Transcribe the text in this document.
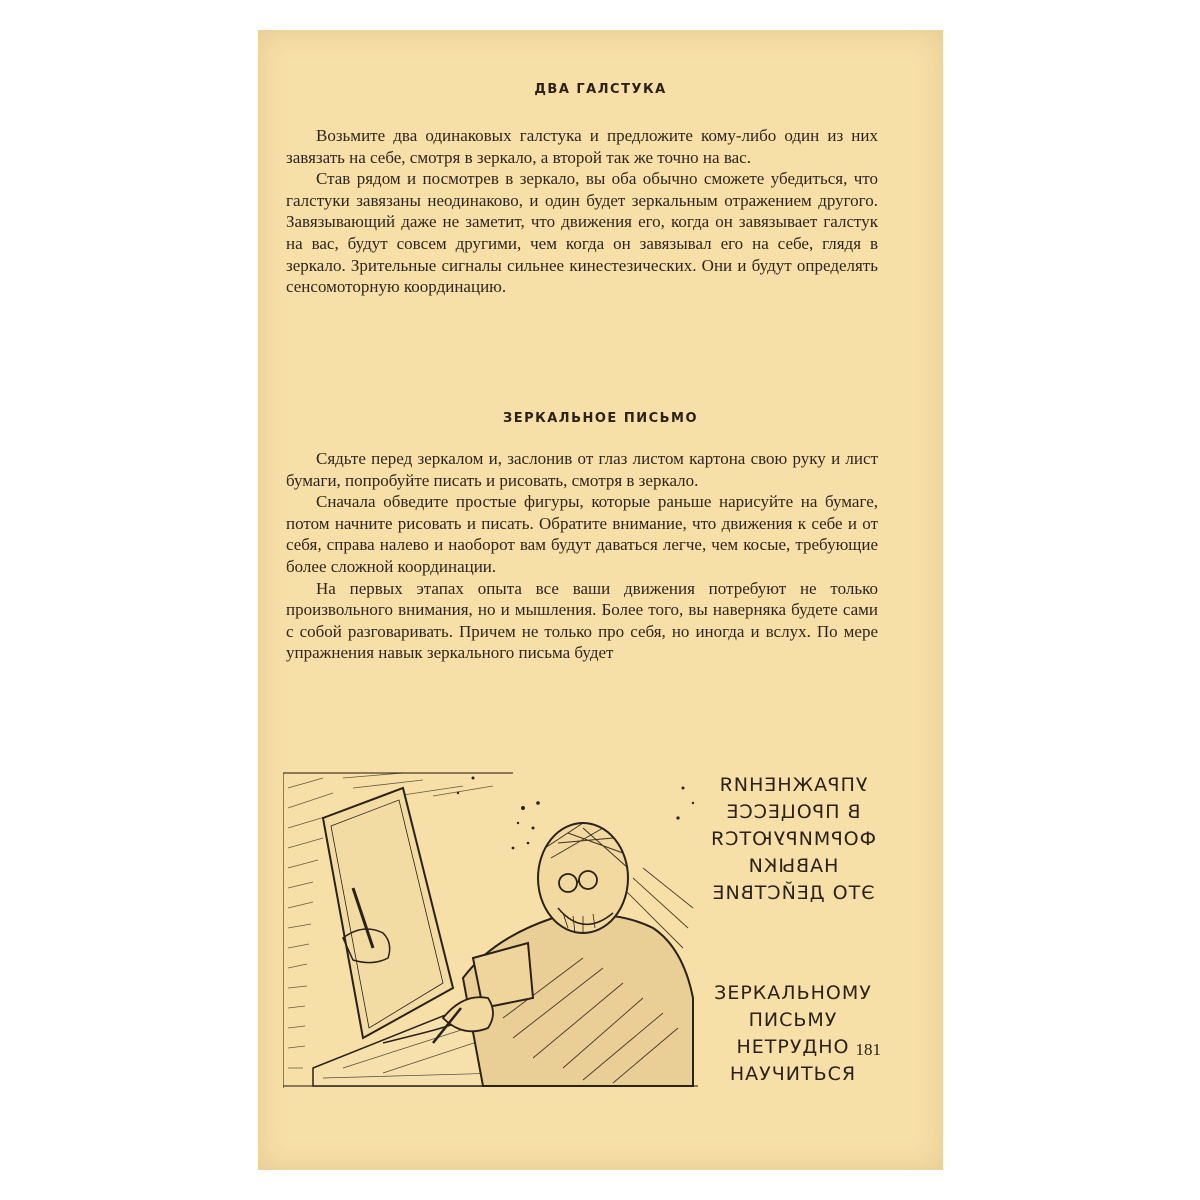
ДВА ГАЛСТУКА

Возьмите два одинаковых галстука и предложите кому-либо один из них завязать на себе, смотря в зеркало, а второй так же точно на вас.

Став рядом и посмотрев в зеркало, вы оба обычно сможете убедиться, что галстуки завязаны неодинаково, и один будет зеркальным отражением другого. Завязывающий даже не заметит, что движения его, когда он завязывает галстук на вас, будут совсем другими, чем когда он завязывал его на себе, глядя в зеркало. Зрительные сигналы сильнее кинестезических. Они и будут определять сенсомоторную координацию.

ЗЕРКАЛЬНОЕ ПИСЬМО

Сядьте перед зеркалом и, заслонив от глаз листом картона свою руку и лист бумаги, попробуйте писать и рисовать, смотря в зеркало.

Сначала обведите простые фигуры, которые раньше нарисуйте на бумаге, потом начните рисовать и писать. Обратите внимание, что движения к себе и от себя, справа налево и наоборот вам будут даваться легче, чем косые, требующие более сложной координации.

На первых этапах опыта все ваши движения потребуют не только произвольного внимания, но и мышления. Более того, вы наверняка будете сами с собой разговаривать. Причем не только про себя, но иногда и вслух. По мере упражнения навык зеркального письма будет

УПРАЖНЕНИЯ
В ПРОЦЕССЕ
ФОРМИРУЮТСЯ
НАВЫКИ
ЭТО ДЕЙСТВИЕ
ЗЕРКАЛЬНОМУ
ПИСЬМУ
НЕТРУДНО
НАУЧИТЬСЯ
181
